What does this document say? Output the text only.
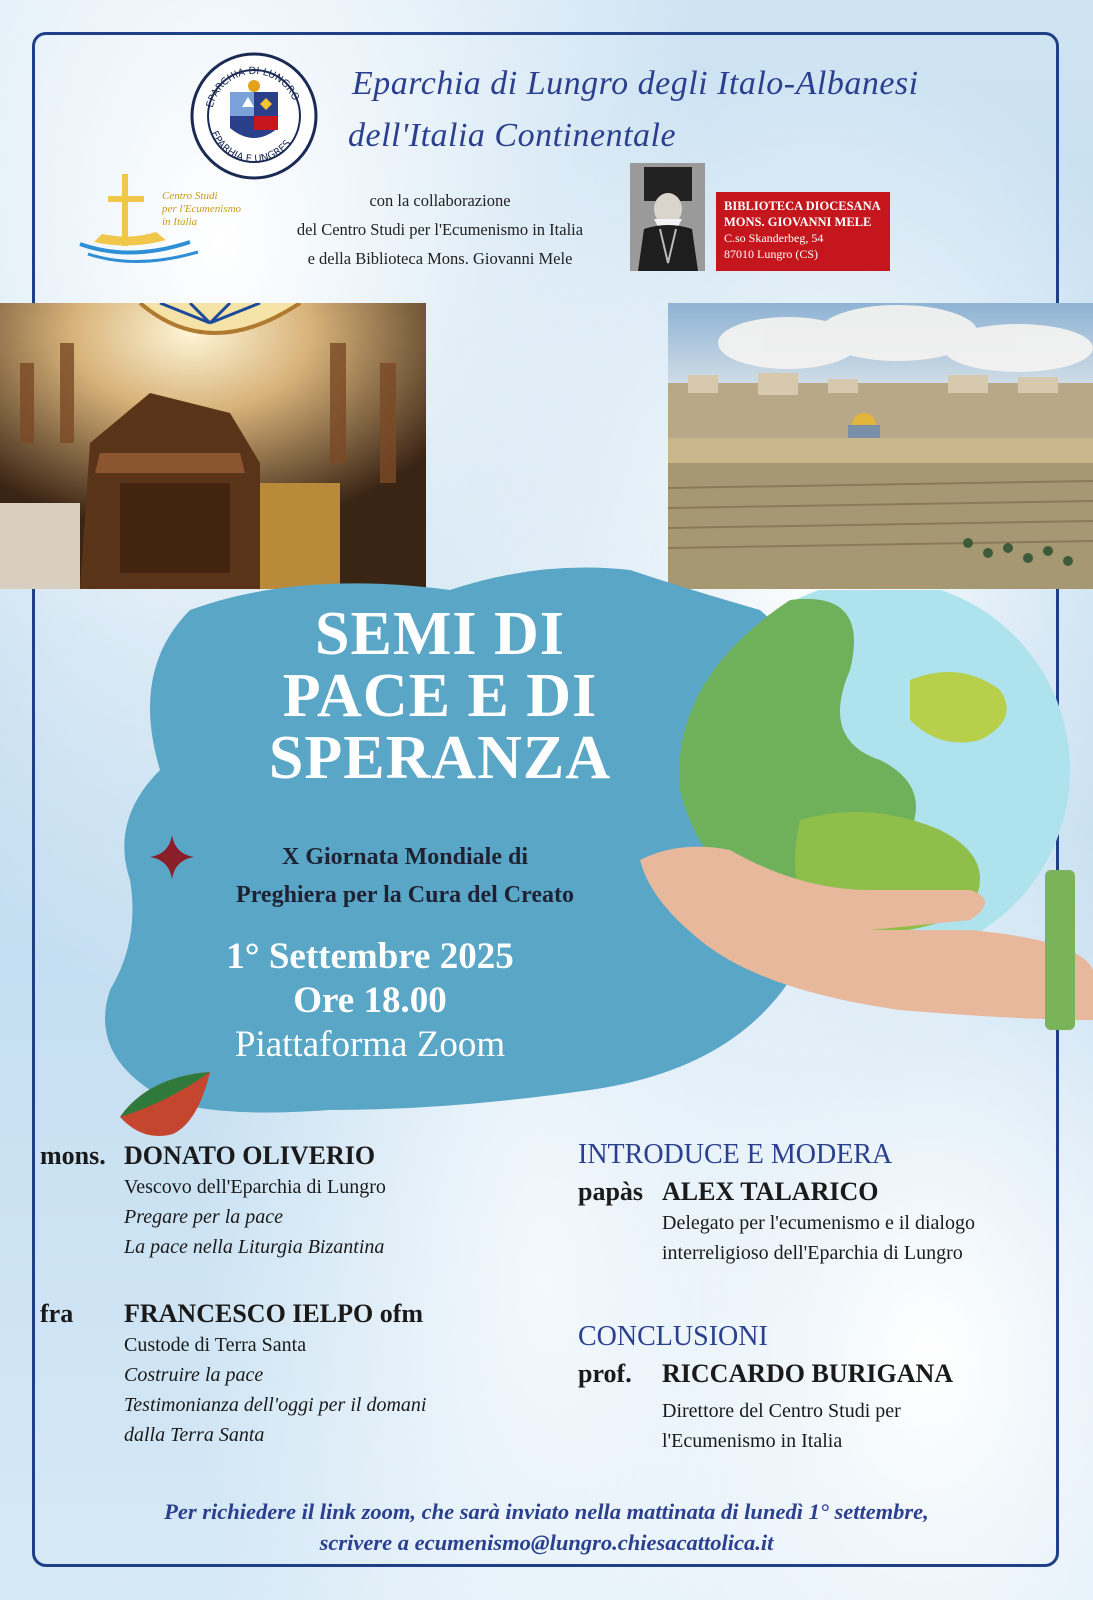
EPARCHIA DI LUNGRO
EPARHIA E UNGRES
Eparchia di Lungro degli Italo-Albanesi
dell'Italia Continentale
Centro Studi
per l'Ecumenismo
in Italia
con la collaborazione
del Centro Studi per l'Ecumenismo in Italia
e della Biblioteca Mons. Giovanni Mele
BIBLIOTECA DIOCESANA
MONS. GIOVANNI MELE
C.so Skanderbeg, 54
87010 Lungro (CS)
SEMI DI
PACE E DI
SPERANZA
X Giornata Mondiale di
Preghiera per la Cura del Creato
1° Settembre 2025
Ore 18.00
Piattaforma Zoom
mons. DONATO OLIVERIO
Vescovo dell'Eparchia di Lungro
Pregare per la pace
La pace nella Liturgia Bizantina
fra FRANCESCO IELPO ofm
Custode di Terra Santa
Costruire la pace
Testimonianza dell'oggi per il domani
dalla Terra Santa
INTRODUCE E MODERA
papàs ALEX TALARICO
Delegato per l'ecumenismo e il dialogo
interreligioso dell'Eparchia di Lungro
CONCLUSIONI
prof. RICCARDO BURIGANA
Direttore del Centro Studi per
l'Ecumenismo in Italia
Per richiedere il link zoom, che sarà inviato nella mattinata di lunedì 1° settembre,
scrivere a ecumenismo@lungro.chiesacattolica.it
